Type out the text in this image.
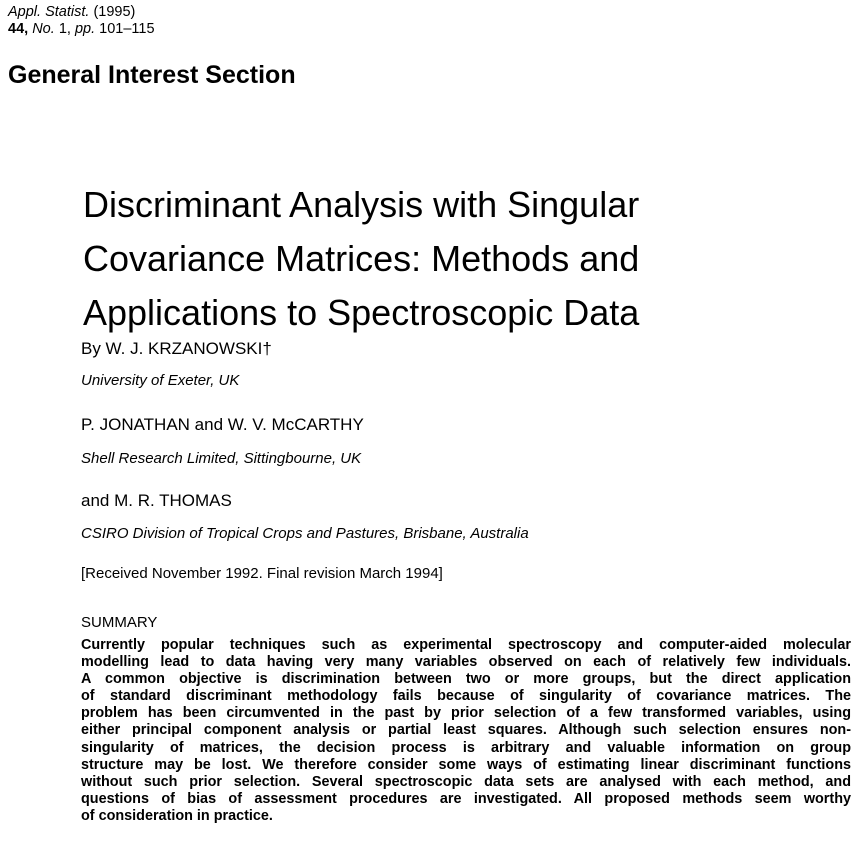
Appl. Statist. (1995)
44, No. 1, pp. 101–115
General Interest Section
Discriminant Analysis with Singular
Covariance Matrices: Methods and
Applications to Spectroscopic Data
By W. J. KRZANOWSKI†
University of Exeter, UK
P. JONATHAN and W. V. McCARTHY
Shell Research Limited, Sittingbourne, UK
and M. R. THOMAS
CSIRO Division of Tropical Crops and Pastures, Brisbane, Australia
[Received November 1992. Final revision March 1994]
SUMMARY
Currently popular techniques such as experimental spectroscopy and computer-aided molecular
modelling lead to data having very many variables observed on each of relatively few individuals.
A common objective is discrimination between two or more groups, but the direct application
of standard discriminant methodology fails because of singularity of covariance matrices. The
problem has been circumvented in the past by prior selection of a few transformed variables, using
either principal component analysis or partial least squares. Although such selection ensures non-
singularity of matrices, the decision process is arbitrary and valuable information on group
structure may be lost. We therefore consider some ways of estimating linear discriminant functions
without such prior selection. Several spectroscopic data sets are analysed with each method, and
questions of bias of assessment procedures are investigated. All proposed methods seem worthy
of consideration in practice.
